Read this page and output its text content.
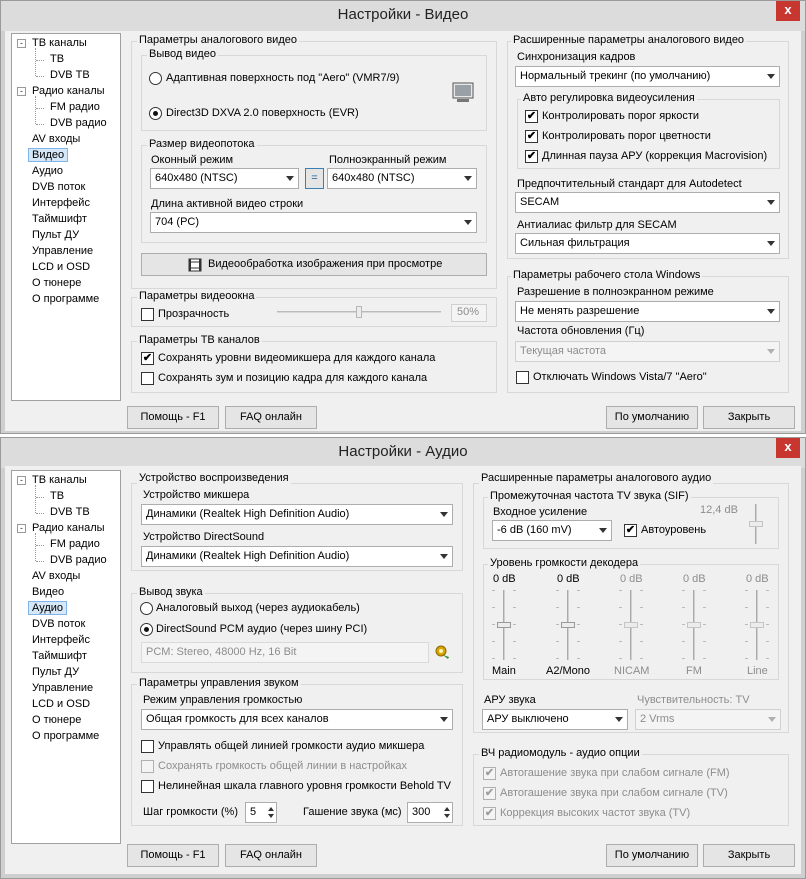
Настройки - Видео	x
ТВ каналы
-
ТВ
DVB ТВ
Радио каналы
-
FM радио
DVB радио
AV входы
Видео
Аудио
DVB поток
Интерфейс
Таймшифт
Пульт ДУ
Управление
LCD и OSD
О тюнере
О программе
Параметры аналогового видео
Вывод видео
Адаптивная поверхность под "Aero" (VMR7/9)
Direct3D DXVA 2.0 поверхность (EVR)
Размер видеопотока
Оконный режим
640x480 (NTSC)	=
Полноэкранный режим
640x480 (NTSC)
Длина активной видео строки
704 (PC)
Видеообработка изображения при просмотре
Параметры видеоокна
Прозрачность	50%
Параметры ТВ каналов
✔ Сохранять уровни видеомикшера для каждого канала
Сохранять зум и позицию кадра для каждого канала
Расширенные параметры аналогового видео
Синхронизация кадров
Нормальный трекинг (по умолчанию)
Авто регулировка видеоусиления
✔ Контролировать порог яркости
✔ Контролировать порог цветности
✔ Длинная пауза АРУ (коррекция Macrovision)
Предпочтительный стандарт для Autodetect
SECAM
Антиалиас фильтр для SECAM
Сильная фильтрация
Параметры рабочего стола Windows
Разрешение в полноэкранном режиме
Не менять разрешение
Частота обновления (Гц)
Текущая частота
Отключать Windows Vista/7 "Aero"
Помощь - F1	FAQ онлайн	По умолчанию	Закрыть
Настройки - Аудио	x
ТВ каналы
-
ТВ
DVB ТВ
Радио каналы
-
FM радио
DVB радио
AV входы
Видео
Аудио
DVB поток
Интерфейс
Таймшифт
Пульт ДУ
Управление
LCD и OSD
О тюнере
О программе
Устройство воспроизведения
Устройство микшера
Динамики (Realtek High Definition Audio)
Устройство DirectSound
Динамики (Realtek High Definition Audio)
Вывод звука
Аналоговый выход (через аудиокабель)
DirectSound PCM аудио (через шину PCI)
PCM: Stereo, 48000 Hz, 16 Bit
Параметры управления звуком
Режим управления громкостью
Общая громкость для всех каналов
Управлять общей линией громкости аудио микшера
Сохранять громкость общей линии в настройках
Нелинейная шкала главного уровня громкости Behold TV
Шаг громкости (%)	5	Гашение звука (мс) 300
Расширенные параметры аналогового аудио
Промежуточная частота TV звука (SIF)
Входное усиление	12,4 dB
-6 dB (160 mV)	✔ Автоуровень
Уровень громкости декодера
АРУ звука
АРУ выключено
Чувствительность: TV
2 Vrms
ВЧ радиомодуль - аудио опции
✔ Автогашение звука при слабом сигнале (FM)
✔ Автогашение звука при слабом сигнале (TV)
✔ Коррекция высоких частот звука (TV)
Помощь - F1	FAQ онлайн	По умолчанию	Закрыть
0 dB
Main
0 dB
A2/Mono
0 dB
NICAM
0 dB
FM
0 dB
Line
